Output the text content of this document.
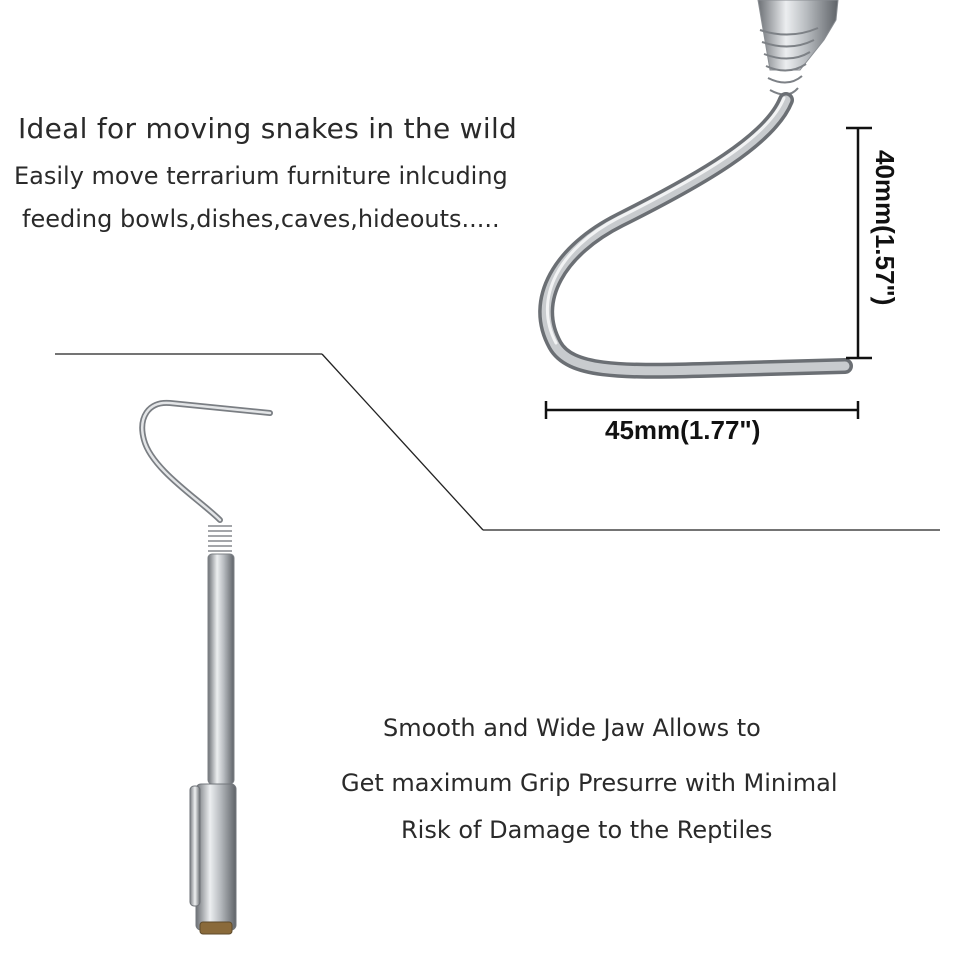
Ideal for moving snakes in the wild
Easily move terrarium furniture inlcuding
feeding bowls,dishes,caves,hideouts.....
Smooth and Wide Jaw Allows to
Get maximum Grip Presurre with Minimal
Risk of Damage to the Reptiles
45mm(1.77")
40mm(1.57")
